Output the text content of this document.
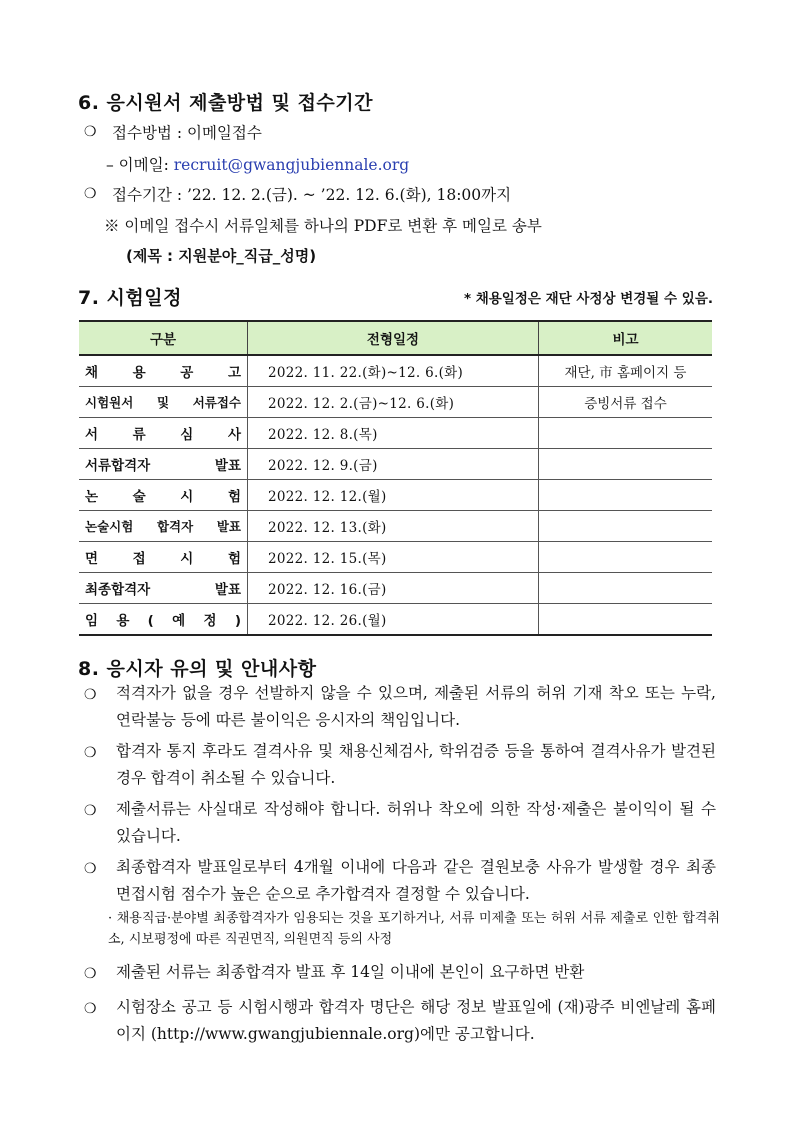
6. 응시원서 제출방법 및 접수기간
❍ 접수방법 : 이메일접수
– 이메일: recruit@gwangjubiennale.org
❍ 접수기간 : ’22. 12. 2.(금). ~ ’22. 12. 6.(화), 18:00까지
※ 이메일 접수시 서류일체를 하나의 PDF로 변환 후 메일로 송부
(제목 : 지원분야_직급_성명)
7. 시험일정	* 채용일정은 재단 사정상 변경될 수 있음.
구분	전형일정	비고
채 용 공 고	2022. 11. 22.(화)~12. 6.(화)	재단, 市 홈페이지 등
시험원서 및 서류접수	2022. 12. 2.(금)~12. 6.(화)	증빙서류 접수
서 류 심 사	2022. 12. 8.(목)	
서류합격자 발표	2022. 12. 9.(금)	
논 술 시 험	2022. 12. 12.(월)	
논술시험 합격자 발표	2022. 12. 13.(화)	
면 접 시 험	2022. 12. 15.(목)	
최종합격자 발표	2022. 12. 16.(금)	
임 용 ( 예 정 )	2022. 12. 26.(월)	
8. 응시자 유의 및 안내사항
❍ 적격자가 없을 경우 선발하지 않을 수 있으며, 제출된 서류의 허위 기재 착오 또는 누락, 연락불능 등에 따른 불이익은 응시자의 책임입니다.
❍ 합격자 통지 후라도 결격사유 및 채용신체검사, 학위검증 등을 통하여 결격사유가 발견된 경우 합격이 취소될 수 있습니다.
❍ 제출서류는 사실대로 작성해야 합니다. 허위나 착오에 의한 작성·제출은 불이익이 될 수 있습니다.
❍ 최종합격자 발표일로부터 4개월 이내에 다음과 같은 결원보충 사유가 발생할 경우 최종 면접시험 점수가 높은 순으로 추가합격자 결정할 수 있습니다.
· 채용직급·분야별 최종합격자가 임용되는 것을 포기하거나, 서류 미제출 또는 허위 서류 제출로 인한 합격취소, 시보평정에 따른 직권면직, 의원면직 등의 사정
❍ 제출된 서류는 최종합격자 발표 후 14일 이내에 본인이 요구하면 반환
❍ 시험장소 공고 등 시험시행과 합격자 명단은 해당 정보 발표일에 (재)광주 비엔날레 홈페이지 (http://www.gwangjubiennale.org)에만 공고합니다.
